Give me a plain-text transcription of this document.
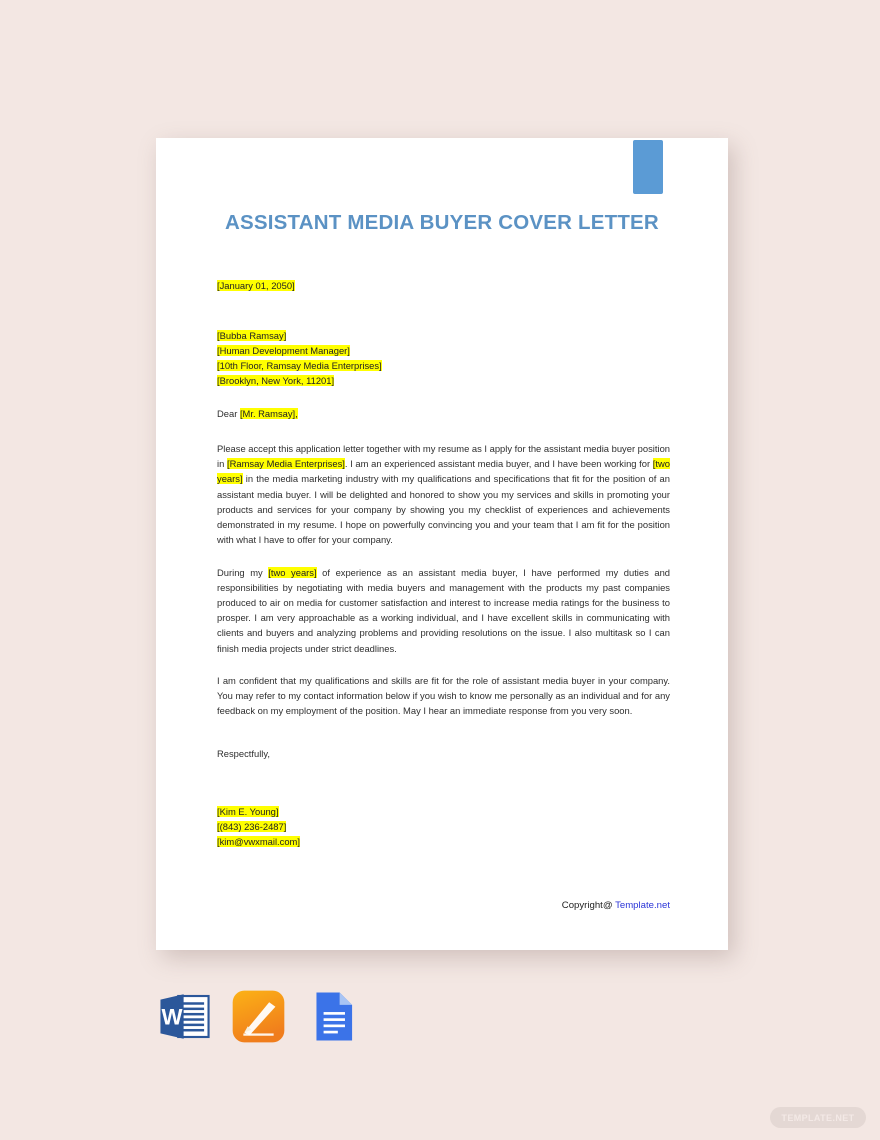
ASSISTANT MEDIA BUYER COVER LETTER

[January 01, 2050]

[Bubba Ramsay]
[Human Development Manager]
[10th Floor, Ramsay Media Enterprises]
[Brooklyn, New York, 11201]

Dear [Mr. Ramsay],

Please accept this application letter together with my resume as I apply for the assistant media buyer position in [Ramsay Media Enterprises]. I am an experienced assistant media buyer, and I have been working for [two years] in the media marketing industry with my qualifications and specifications that fit for the position of an assistant media buyer. I will be delighted and honored to show you my services and skills in promoting your products and services for your company by showing you my checklist of experiences and achievements demonstrated in my resume. I hope on powerfully convincing you and your team that I am fit for the position with what I have to offer for your company.

During my [two years] of experience as an assistant media buyer, I have performed my duties and responsibilities by negotiating with media buyers and management with the products my past companies produced to air on media for customer satisfaction and interest to increase media ratings for the business to prosper. I am very approachable as a working individual, and I have excellent skills in communicating with clients and buyers and analyzing problems and providing resolutions on the issue. I also multitask so I can finish media projects under strict deadlines.

I am confident that my qualifications and skills are fit for the role of assistant media buyer in your company. You may refer to my contact information below if you wish to know me personally as an individual and for any feedback on my employment of the position. May I hear an immediate response from you very soon.

Respectfully,

[Kim E. Young]
[(843) 236-2487]
[kim@vwxmail.com]
Copyright@ Template.net
W
TEMPLATE.NET
